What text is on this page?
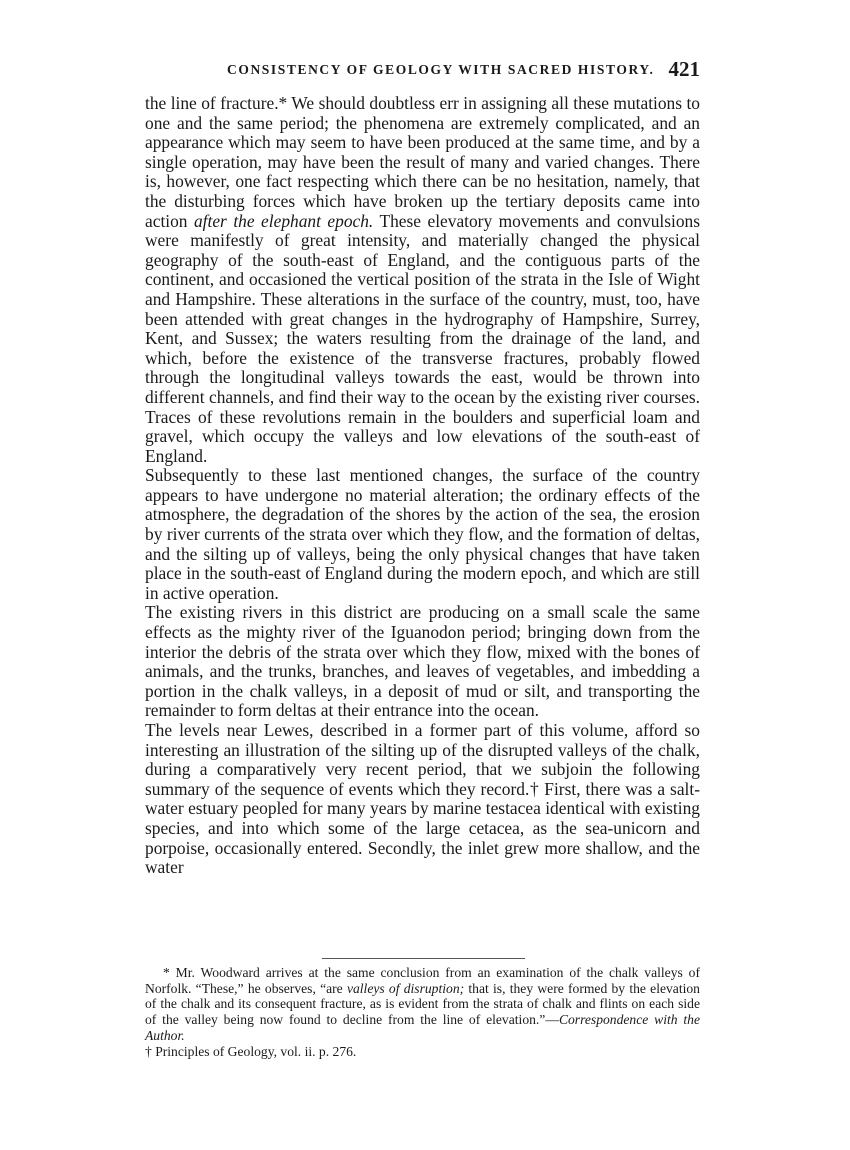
CONSISTENCY OF GEOLOGY WITH SACRED HISTORY. 421

the line of fracture.* We should doubtless err in assigning all these mutations to one and the same period; the phenomena are extremely complicated, and an appearance which may seem to have been produced at the same time, and by a single operation, may have been the result of many and varied changes. There is, however, one fact respecting which there can be no hesitation, namely, that the disturbing forces which have broken up the tertiary deposits came into action after the elephant epoch. These elevatory movements and convulsions were manifestly of great intensity, and materially changed the physical geography of the south-east of England, and the contiguous parts of the continent, and occasioned the vertical position of the strata in the Isle of Wight and Hampshire. These alterations in the surface of the country, must, too, have been attended with great changes in the hydrography of Hampshire, Surrey, Kent, and Sussex; the waters resulting from the drainage of the land, and which, before the existence of the transverse fractures, probably flowed through the longitudinal valleys towards the east, would be thrown into different channels, and find their way to the ocean by the existing river courses. Traces of these revolutions remain in the boulders and superficial loam and gravel, which occupy the valleys and low elevations of the south-east of England.

Subsequently to these last mentioned changes, the surface of the country appears to have undergone no material alteration; the ordinary effects of the atmosphere, the degradation of the shores by the action of the sea, the erosion by river currents of the strata over which they flow, and the formation of deltas, and the silting up of valleys, being the only physical changes that have taken place in the south-east of England during the modern epoch, and which are still in active operation.

The existing rivers in this district are producing on a small scale the same effects as the mighty river of the Iguanodon period; bringing down from the interior the debris of the strata over which they flow, mixed with the bones of animals, and the trunks, branches, and leaves of vegetables, and imbedding a portion in the chalk valleys, in a deposit of mud or silt, and transporting the remainder to form deltas at their entrance into the ocean.

The levels near Lewes, described in a former part of this volume, afford so interesting an illustration of the silting up of the disrupted valleys of the chalk, during a comparatively very recent period, that we subjoin the following summary of the sequence of events which they record.† First, there was a salt-water estuary peopled for many years by marine testacea identical with existing species, and into which some of the large cetacea, as the sea-unicorn and porpoise, occasionally entered. Secondly, the inlet grew more shallow, and the water

* Mr. Woodward arrives at the same conclusion from an examination of the chalk valleys of Norfolk. “These,” he observes, “are valleys of disruption; that is, they were formed by the elevation of the chalk and its consequent fracture, as is evident from the strata of chalk and flints on each side of the valley being now found to decline from the line of elevation.”—Correspondence with the Author.

† Principles of Geology, vol. ii. p. 276.
